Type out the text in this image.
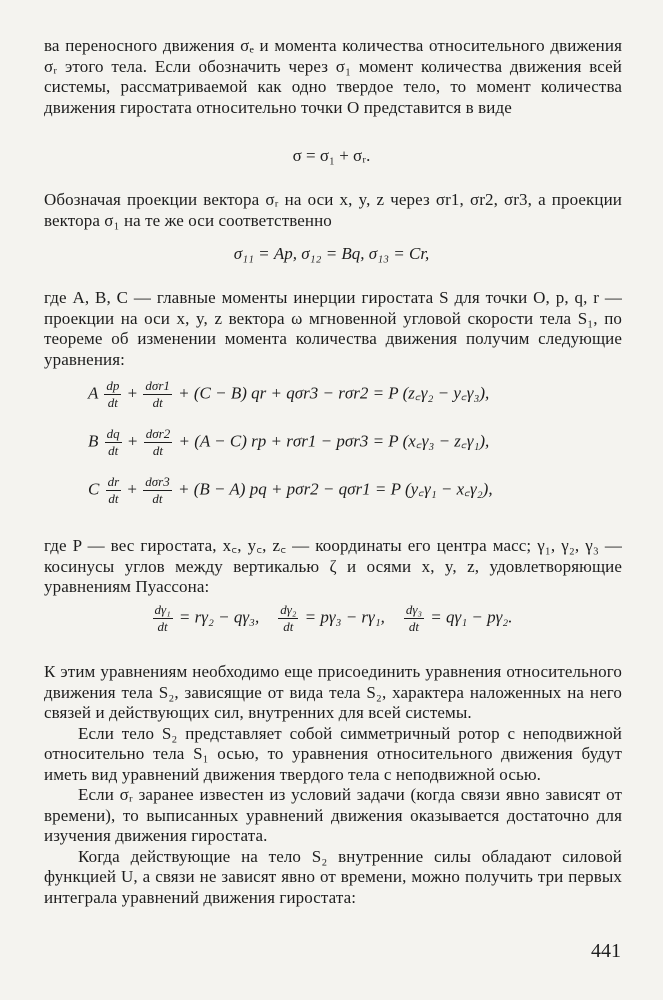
ва переносного движения σₑ и момента количества относительного движения σᵣ этого тела. Если обозначить через σ₁ момент количества движения всей системы, рассматриваемой как одно твердое тело, то момент количества движения гиростата относительно точки O представится в виде

σ = σ₁ + σᵣ.

Обозначая проекции вектора σᵣ на оси x, y, z через σr1, σr2, σr3, а проекции вектора σ₁ на те же оси соответственно

σ₁₁ = Ap, σ₁₂ = Bq, σ₁₃ = Cr,

где A, B, C — главные моменты инерции гиростата S для точки O, p, q, r — проекции на оси x, y, z вектора ω мгновенной угловой скорости тела S₁, по теореме об изменении момента количества движения получим следующие уравнения:

A $\frac{dp}{dt} + \frac{\text{dσr1}}{dt} + (C - B)$ qr + qσr3 − rσr2 = P (z꜀γ₂ − y꜀γ₃),
B $\frac{dq}{dt} + \frac{\text{dσr2}}{dt} + (A - C)$ rp + rσr1 − pσr3 = P (x꜀γ₃ − z꜀γ₁),
C $\frac{dr}{dt} + \frac{\text{dσr3}}{dt} + (B - A)$ pq + pσr2 − qσr1 = P (y꜀γ₁ − x꜀γ₂),

где P — вес гиростата, x꜀, y꜀, z꜀ — координаты его центра масс; γ₁, γ₂, γ₃ — косинусы углов между вертикалью ζ и осями x, y, z, удовлетворяющие уравнениям Пуассона:

$\frac{\text{dγ₁}}{dt} = r\gamma_2 - q\gamma_3$, $\frac{\text{dγ₂}}{dt} = p\gamma_3 - r\gamma_1$, $\frac{\text{dγ₃}}{dt} = q\gamma_1 - p\gamma_2$.

К этим уравнениям необходимо еще присоединить уравнения относительного движения тела S₂, зависящие от вида тела S₂, характера наложенных на него связей и действующих сил, внутренних для всей системы.

Если тело S₂ представляет собой симметричный ротор с неподвижной относительно тела S₁ осью, то уравнения относительного движения будут иметь вид уравнений движения твердого тела с неподвижной осью.

Если σᵣ заранее известен из условий задачи (когда связи явно зависят от времени), то выписанных уравнений движения оказывается достаточно для изучения движения гиростата.

Когда действующие на тело S₂ внутренние силы обладают силовой функцией U, а связи не зависят явно от времени, можно получить три первых интеграла уравнений движения гиростата:

441
